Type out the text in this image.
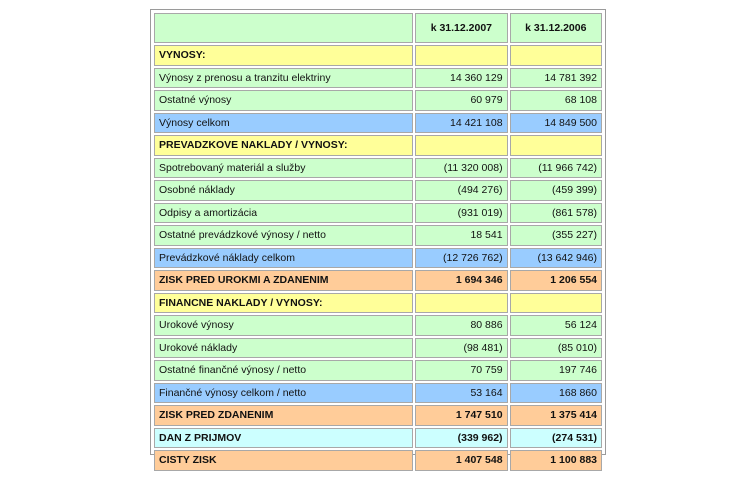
	k 31.12.2007	k 31.12.2006
VYNOSY:		
Výnosy z prenosu a tranzitu elektriny	14 360 129	14 781 392
Ostatné výnosy	60 979	68 108
Výnosy celkom	14 421 108	14 849 500
PREVADZKOVE NAKLADY / VYNOSY:		
Spotrebovaný materiál a služby	(11 320 008)	(11 966 742)
Osobné náklady	(494 276)	(459 399)
Odpisy a amortizácia	(931 019)	(861 578)
Ostatné prevádzkové výnosy / netto	18 541	(355 227)
Prevádzkové náklady celkom	(12 726 762)	(13 642 946)
ZISK PRED UROKMI A ZDANENIM	1 694 346	1 206 554
FINANCNE NAKLADY / VYNOSY:		
Urokové výnosy	80 886	56 124
Urokové náklady	(98 481)	(85 010)
Ostatné finančné výnosy / netto	70 759	197 746
Finančné výnosy celkom / netto	53 164	168 860
ZISK PRED ZDANENIM	1 747 510	1 375 414
DAN Z PRIJMOV	(339 962)	(274 531)
CISTY ZISK	1 407 548	1 100 883
